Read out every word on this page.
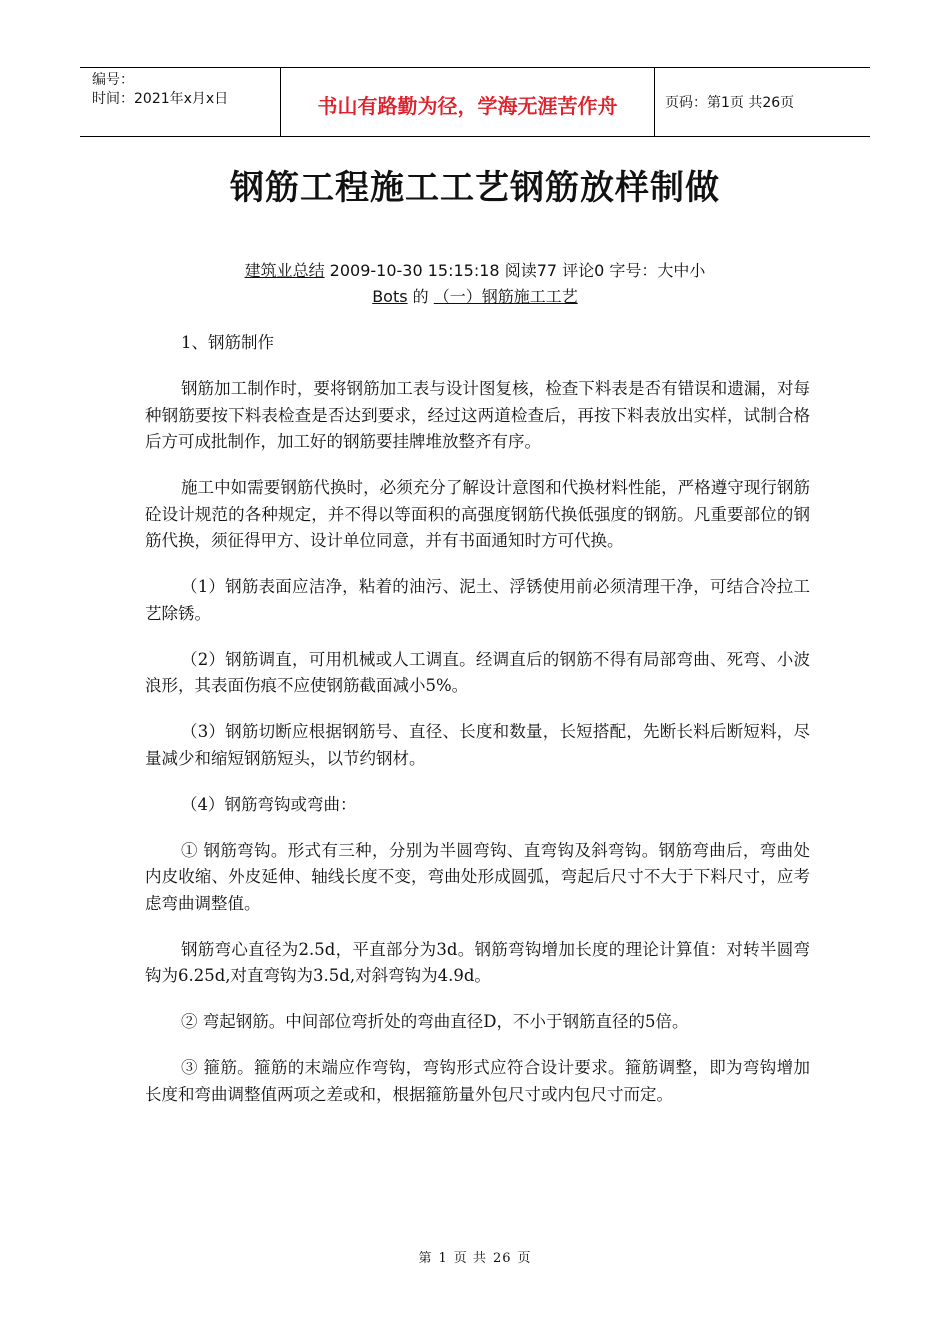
编号：
时间：2021年x月x日	书山有路勤为径，学海无涯苦作舟	页码：第1页 共26页
钢筋工程施工工艺钢筋放样制做
建筑业总结 2009-10-30 15:15:18 阅读77 评论0 字号：大中小
Bots 的 （一）钢筋施工工艺

1、钢筋制作

钢筋加工制作时，要将钢筋加工表与设计图复核，检查下料表是否有错误和遗漏，对每种钢筋要按下料表检查是否达到要求，经过这两道检查后，再按下料表放出实样，试制合格后方可成批制作，加工好的钢筋要挂牌堆放整齐有序。

施工中如需要钢筋代换时，必须充分了解设计意图和代换材料性能，严格遵守现行钢筋砼设计规范的各种规定，并不得以等面积的高强度钢筋代换低强度的钢筋。凡重要部位的钢筋代换，须征得甲方、设计单位同意，并有书面通知时方可代换。

（1）钢筋表面应洁净，粘着的油污、泥土、浮锈使用前必须清理干净，可结合冷拉工艺除锈。

（2）钢筋调直，可用机械或人工调直。经调直后的钢筋不得有局部弯曲、死弯、小波浪形，其表面伤痕不应使钢筋截面减小5%。

（3）钢筋切断应根据钢筋号、直径、长度和数量，长短搭配，先断长料后断短料，尽量减少和缩短钢筋短头，以节约钢材。

（4）钢筋弯钩或弯曲：

① 钢筋弯钩。形式有三种，分别为半圆弯钩、直弯钩及斜弯钩。钢筋弯曲后，弯曲处内皮收缩、外皮延伸、轴线长度不变，弯曲处形成圆弧，弯起后尺寸不大于下料尺寸，应考虑弯曲调整值。

钢筋弯心直径为2.5d，平直部分为3d。钢筋弯钩增加长度的理论计算值：对转半圆弯钩为6.25d,对直弯钩为3.5d,对斜弯钩为4.9d。

② 弯起钢筋。中间部位弯折处的弯曲直径D，不小于钢筋直径的5倍。

③ 箍筋。箍筋的末端应作弯钩，弯钩形式应符合设计要求。箍筋调整，即为弯钩增加长度和弯曲调整值两项之差或和，根据箍筋量外包尺寸或内包尺寸而定。

第 1 页 共 26 页
